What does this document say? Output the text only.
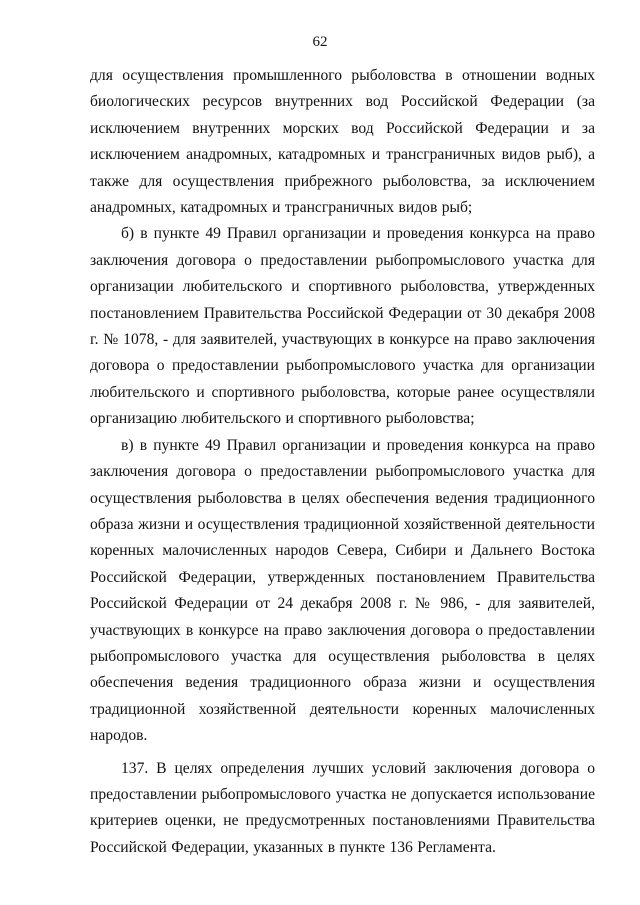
62

для осуществления промышленного рыболовства в отношении водных биологических ресурсов внутренних вод Российской Федерации (за исключением внутренних морских вод Российской Федерации и за исключением анадромных, катадромных и трансграничных видов рыб), а также для осуществления прибрежного рыболовства, за исключением анадромных, катадромных и трансграничных видов рыб;

б) в пункте 49 Правил организации и проведения конкурса на право заключения договора о предоставлении рыбопромыслового участка для организации любительского и спортивного рыболовства, утвержденных постановлением Правительства Российской Федерации от 30 декабря 2008 г. № 1078, - для заявителей, участвующих в конкурсе на право заключения договора о предоставлении рыбопромыслового участка для организации любительского и спортивного рыболовства, которые ранее осуществляли организацию любительского и спортивного рыболовства;

в) в пункте 49 Правил организации и проведения конкурса на право заключения договора о предоставлении рыбопромыслового участка для осуществления рыболовства в целях обеспечения ведения традиционного образа жизни и осуществления традиционной хозяйственной деятельности коренных малочисленных народов Севера, Сибири и Дальнего Востока Российской Федерации, утвержденных постановлением Правительства Российской Федерации от 24 декабря 2008 г. № 986, - для заявителей, участвующих в конкурсе на право заключения договора о предоставлении рыбопромыслового участка для осуществления рыболовства в целях обеспечения ведения традиционного образа жизни и осуществления традиционной хозяйственной деятельности коренных малочисленных народов.

137. В целях определения лучших условий заключения договора о предоставлении рыбопромыслового участка не допускается использование критериев оценки, не предусмотренных постановлениями Правительства Российской Федерации, указанных в пункте 136 Регламента.
